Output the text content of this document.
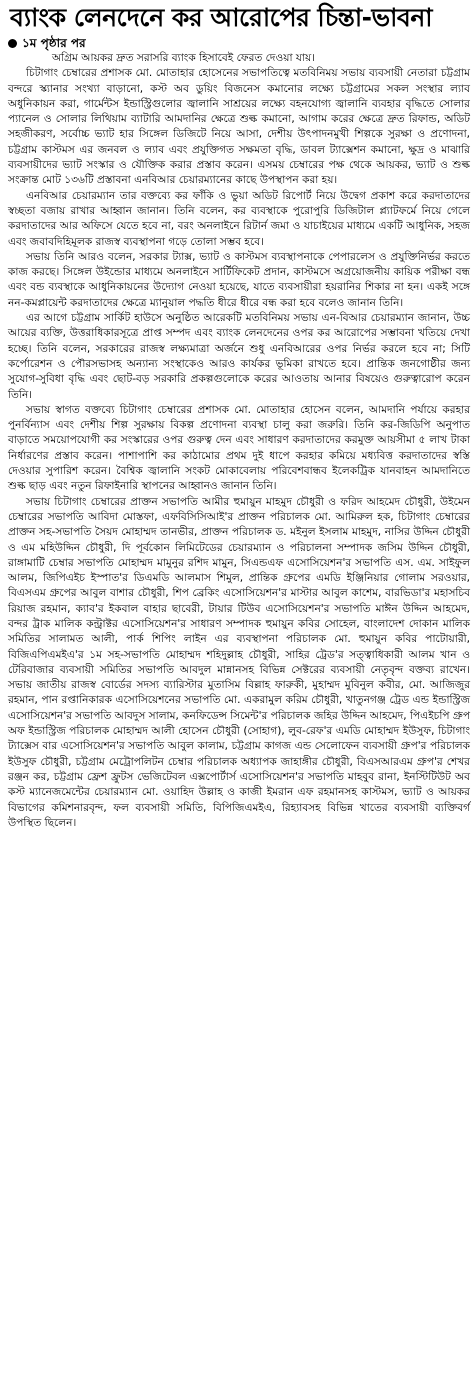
ব্যাংক লেনদেনে কর আরোপের চিন্তা-ভাবনা
১ম পৃষ্ঠার পর

অগ্রিম আয়কর দ্রুত সরাসরি ব্যাংক হিসাবেই ফেরত দেওয়া যায়।

চিটাগাং চেম্বারের প্রশাসক মো. মোতাহার হোসেনের সভাপতিত্বে মতবিনিময় সভায় ব্যবসায়ী নেতারা চট্টগ্রাম বন্দরে স্ক্যানার সংখ্যা বাড়ানো, কস্ট অব ডুয়িং বিজনেস কমানোর লক্ষ্যে চট্টগ্রামের সকল সংস্থার ল্যাব অধুনিকায়ন করা, গার্মেন্টস ইন্ডাস্ট্রিগুলোর জ্বালানি সাশ্রয়ের লক্ষ্যে বহনযোগ্য জ্বালানি ব্যবহার বৃদ্ধিতে সোলার প্যানেল ও সোলার লিথিয়াম ব্যাটারি আমদানির ক্ষেত্রে শুল্ক কমানো, আগাম করের ক্ষেত্রে দ্রুত রিফান্ড, অডিট সহজীকরণ, সর্বোচ্চ ভ্যাট হার সিঙ্গেল ডিজিটে নিয়ে আসা, দেশীয় উৎপাদনমুখী শিল্পকে সুরক্ষা ও প্রণোদনা, চট্টগ্রাম কাস্টমস এর জনবল ও ল্যাব এবং প্রযুক্তিগত সক্ষমতা বৃদ্ধি, ডাবল ট্যাক্সেশন কমানো, ক্ষুদ্র ও মাঝারি ব্যবসায়ীদের ভ্যাট সংস্কার ও যৌক্তিক করার প্রস্তাব করেন। এসময় চেম্বারের পক্ষ থেকে আয়কর, ভ্যাট ও শুল্ক সংক্রান্ত মোট ১৩৬টি প্রস্তাবনা এনবিআর চেয়ারম্যানের কাছে উপস্থাপন করা হয়।

এনবিআর চেয়ারম্যান তার বক্তব্যে কর ফাঁকি ও ভুয়া অডিট রিপোর্ট নিয়ে উদ্বেগ প্রকাশ করে করদাতাদের স্বচ্ছতা বজায় রাখার আহ্বান জানান। তিনি বলেন, কর ব্যবস্থাকে পুরোপুরি ডিজিটাল প্ল্যাটফর্মে নিয়ে গেলে করদাতাদের আর অফিসে যেতে হবে না, বরং অনলাইনে রিটার্ন জমা ও যাচাইয়ের মাধ্যমে একটি আধুনিক, সহজ এবং জবাবদিহিমূলক রাজস্ব ব্যবস্থাপনা গড়ে তোলা সম্ভব হবে।

সভায় তিনি আরও বলেন, সরকার ট্যাক্স, ভ্যাট ও কাস্টমস ব্যবস্থাপনাকে পেপারলেস ও প্রযুক্তিনির্ভর করতে কাজ করছে। সিঙ্গেল উইন্ডোর মাধ্যমে অনলাইনে সার্টিফিকেট প্রদান, কাস্টমসে অগ্রয়োজনীয় কায়িক পরীক্ষা বন্ধ এবং বন্ড ব্যবস্থাকে আধুনিকায়নের উদ্যোগ নেওয়া হয়েছে, যাতে ব্যবসায়ীরা হয়রানির শিকার না হন। একই সঙ্গে নন-কমপ্লায়েন্ট করদাতাদের ক্ষেত্রে ম্যানুয়াল পদ্ধতি ধীরে ধীরে বন্ধ করা হবে বলেও জানান তিনি।

এর আগে চট্টগ্রাম সার্কিট হাউসে অনুষ্ঠিত আরেকটি মতবিনিময় সভায় এন-বিআর চেয়ারম্যান জানান, উচ্চ আয়ের ব্যক্তি, উত্তরাধিকারসূত্রে প্রাপ্ত সম্পদ এবং ব্যাংক লেনদেনের ওপর কর আরোপের সম্ভাবনা খতিয়ে দেখা হচ্ছে। তিনি বলেন, সরকারের রাজস্ব লক্ষ্যমাত্রা অর্জনে শুধু এনবিআরের ওপর নির্ভর করলে হবে না; সিটি কর্পোরেশন ও পৌরসভাসহ অন্যান্য সংস্থাকেও আরও কার্যকর ভূমিকা রাখতে হবে। প্রান্তিক জনগোষ্ঠীর জন্য সুযোগ-সুবিধা বৃদ্ধি এবং ছোট-বড় সরকারি প্রকল্পগুলোকে করের আওতায় আনার বিষয়েও গুরুত্বারোপ করেন তিনি।

সভায় স্বাগত বক্তব্যে চিটাগাং চেম্বারের প্রশাসক মো. মোতাহার হোসেন বলেন, আমদানি পর্যায়ে করহার পুনর্বিন্যাস এবং দেশীয় শিল্প সুরক্ষায় বিকল্প প্রণোদনা ব্যবস্থা চালু করা জরুরি। তিনি কর-জিডিপি অনুপাত বাড়াতে সময়োপযোগী কর সংস্কারের ওপর গুরুত্ব দেন এবং সাধারণ করদাতাদের করমুক্ত আয়সীমা ৫ লাখ টাকা নির্ধারণের প্রস্তাব করেন। পাশাপাশি কর কাঠামোর প্রথম দুই ধাপে করহার কমিয়ে মধ্যবিত্ত করদাতাদের স্বস্তি দেওয়ার সুপারিশ করেন। বৈশ্বিক জ্বালানি সংকট মোকাবেলায় পরিবেশবান্ধব ইলেকট্রিক যানবাহন আমদানিতে শুল্ক ছাড় এবং নতুন রিফাইনারি স্থাপনের আহ্বানও জানান তিনি।

সভায় চিটাগাং চেম্বারের প্রাক্তন সভাপতি আমীর হুমায়ুন মাহমুদ চৌধুরী ও ফরিদ আহমেদ চৌধুরী, উইমেন চেম্বারের সভাপতি আবিদা মোস্তফা, এফবিসিসিআই'র প্রাক্তন পরিচালক মো. আমিরুল হক, চিটাগাং চেম্বারের প্রাক্তন সহ-সভাপতি সৈয়দ মোহাম্মদ তানভীর, প্রাক্তন পরিচালক ড. মইনুল ইসলাম মাহমুদ, নাসির উদ্দিন চৌধুরী ও এম মহিউদ্দিন চৌধুরী, দি পূর্বকোন লিমিটেডের চেয়ারম্যান ও পরিচালনা সম্পাদক জসিম উদ্দিন চৌধুরী, রাঙ্গামাটি চেম্বার সভাপতি মোহাম্মদ মামুনুর রশিদ মামুন, সিএন্ডএফ এসোসিয়েশন'র সভাপতি এস. এম. সাইফুল আলম, জিপিএইচ ইস্পাত'র ডিএমডি আলমাস শিমুল, প্রান্তিক গ্রুপের এমডি ইঞ্জিনিয়ার গোলাম সরওয়ার, বিএসএম গ্রুপের আবুল বাশার চৌধুরী, শিপ ব্রেকিং এসোসিয়েশন'র মাস্টার আবুল কাশেম, বারভিডা'র মহাসচিব রিয়াজ রহমান, ক্যাব'র ইকবাল বাহার ছাবেরী, টায়ার টিউব এসোসিয়েশন'র সভাপতি মাঈন উদ্দিন আহমেদ, বন্দর ট্রাক মালিক কন্ট্রাক্টর এসোসিয়েশন'র সাধারণ সম্পাদক হুমায়ুন কবির সোহেল, বাংলাদেশ দোকান মালিক সমিতির সালামত আলী, পার্ক শিপিং লাইন এর ব্যবস্থাপনা পরিচালক মো. হুমায়ুন কবির পাটোয়ারী, বিজিএপিএমইএ'র ১ম সহ-সভাপতি মোহাম্মদ শহিদুল্লাহ চৌধুরী, সাহির ট্রেড'র সত্ত্বাধিকারী আলম খান ও টেরিবাজার ব্যবসায়ী সমিতির সভাপতি আবদুল মান্নানসহ বিভিন্ন সেক্টরের ব্যবসায়ী নেতৃবৃন্দ বক্তব্য রাখেন। সভায় জাতীয় রাজস্ব বোর্ডের সদস্য ব্যারিস্টার মুতাসিম বিল্লাহ ফারুকী, মুহাম্মদ মুবিনুল কবীর, মো. আজিজুর রহমান, পান রপ্তানিকারক এসোসিয়েশনের সভাপতি মো. একরামুল করিম চৌধুরী, খাতুনগঞ্জ ট্রেড এন্ড ইন্ডাস্ট্রিজ এসোসিয়েশন'র সভাপতি আবদুস সালাম, কনফিডেন্স সিমেন্ট'র পরিচালক জহির উদ্দিন আহমেদ, পিএইচপি গ্রুপ অফ ইন্ডাস্ট্রিজ পরিচালক মোহাম্মদ আলী হোসেন চৌধুরী (সোহাগ), লুব-রেফ'র এমডি মোহাম্মদ ইউসুফ, চিটাগাং ট্যাক্সেস বার এসোসিয়েশন'র সভাপতি আবুল কালাম, চট্টগ্রাম কাগজ এন্ড সেলোফেন ব্যবসায়ী গ্রুপ'র পরিচালক ইউসুফ চৌধুরী, চট্টগ্রাম মেট্রোপলিটন চেম্বার পরিচালক অধ্যাপক জাহাঙ্গীর চৌধুরী, বিএসআরএম গ্রুপ'র শেখর রঞ্জন কর, চট্টগ্রাম ফ্রেশ ফ্রুটস ভেজিটেবল এক্সপোর্টার্স এসোসিয়েশন'র সভাপতি মাহবুব রানা, ইনস্টিটিউট অব কস্ট ম্যানেজমেন্টের চেয়ারম্যান মো. ওয়াহিদ উল্লাহ ও কাজী ইমরান এফ রহমানসহ কাস্টমস, ভ্যাট ও আয়কর বিভাগের কমিশনারবৃন্দ, ফল ব্যবসায়ী সমিতি, বিপিজিএমইএ, রিহ্যাবসহ বিভিন্ন খাতের ব্যবসায়ী ব্যক্তিবর্গ উপস্থিত ছিলেন।
